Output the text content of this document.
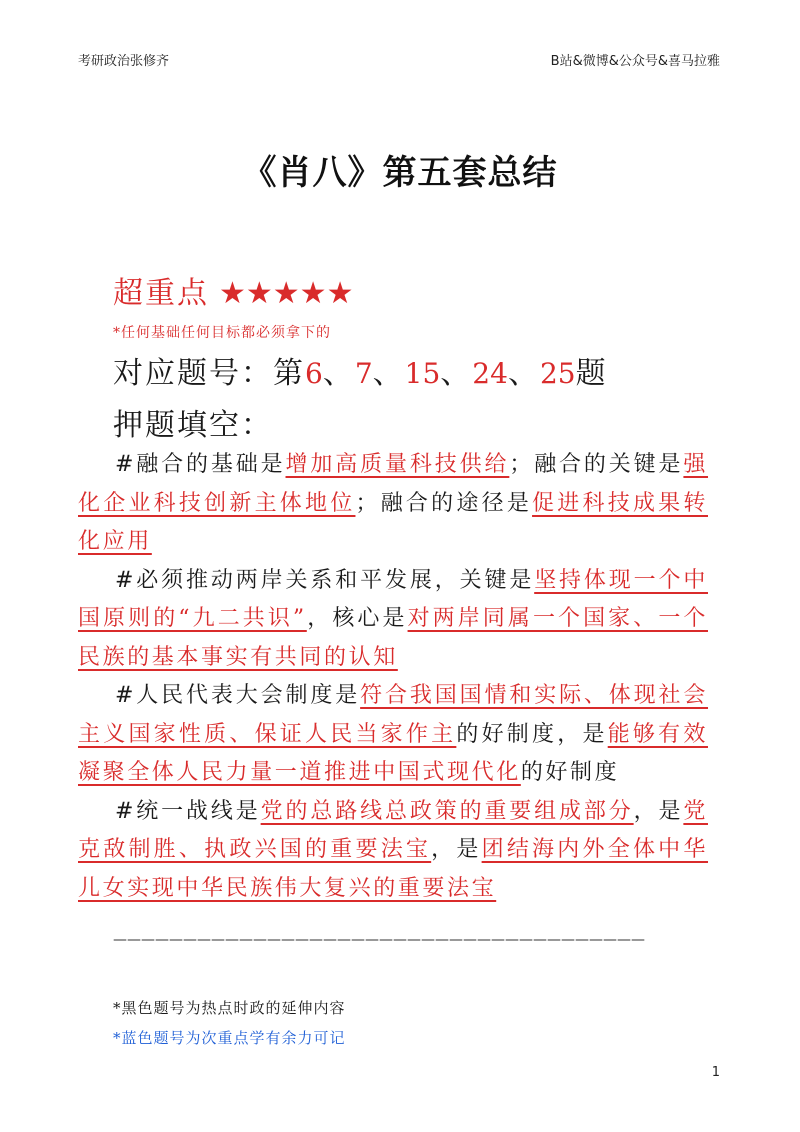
考研政治张修齐	B站&微博&公众号&喜马拉雅
《肖八》第五套总结
超重点 ★★★★★
*任何基础任何目标都必须拿下的
对应题号：第6、7、15、24、25题
押题填空：

#融合的基础是增加高质量科技供给；融合的关键是强化企业科技创新主体地位；融合的途径是促进科技成果转化应用

#必须推动两岸关系和平发展，关键是坚持体现一个中国原则的“九二共识”，核心是对两岸同属一个国家、一个民族的基本事实有共同的认知

#人民代表大会制度是符合我国国情和实际、体现社会主义国家性质、保证人民当家作主的好制度，是能够有效凝聚全体人民力量一道推进中国式现代化的好制度

#统一战线是党的总路线总政策的重要组成部分，是党克敌制胜、执政兴国的重要法宝，是团结海内外全体中华儿女实现中华民族伟大复兴的重要法宝

——————————————————————————————————————
*黑色题号为热点时政的延伸内容
*蓝色题号为次重点学有余力可记
1
